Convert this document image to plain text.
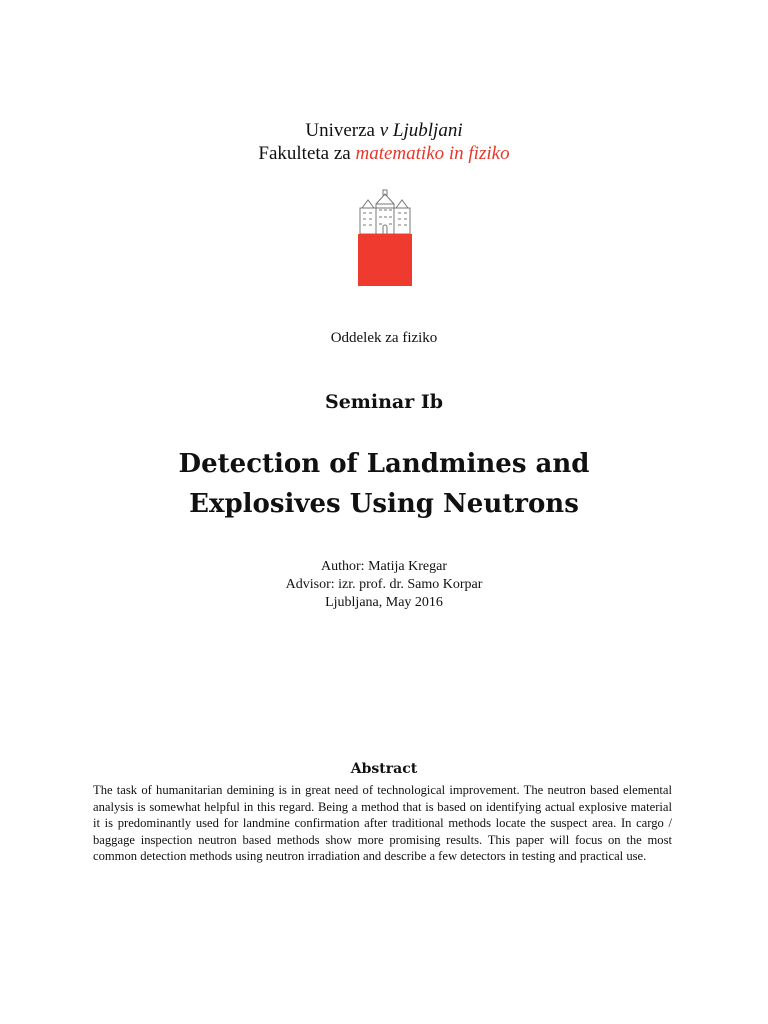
Univerza v Ljubljani
Fakulteta za matematiko in fiziko
Oddelek za fiziko
Seminar Ib
Detection of Landmines and
Explosives Using Neutrons
Author: Matija Kregar
Advisor: izr. prof. dr. Samo Korpar
Ljubljana, May 2016
Abstract

The task of humanitarian demining is in great need of technological improvement. The neutron based elemental analysis is somewhat helpful in this regard. Being a method that is based on identifying actual explosive material it is predominantly used for landmine confirmation after traditional methods locate the suspect area. In cargo / baggage inspection neutron based methods show more promising results. This paper will focus on the most common detection methods using neutron irradiation and describe a few detectors in testing and practical use.
